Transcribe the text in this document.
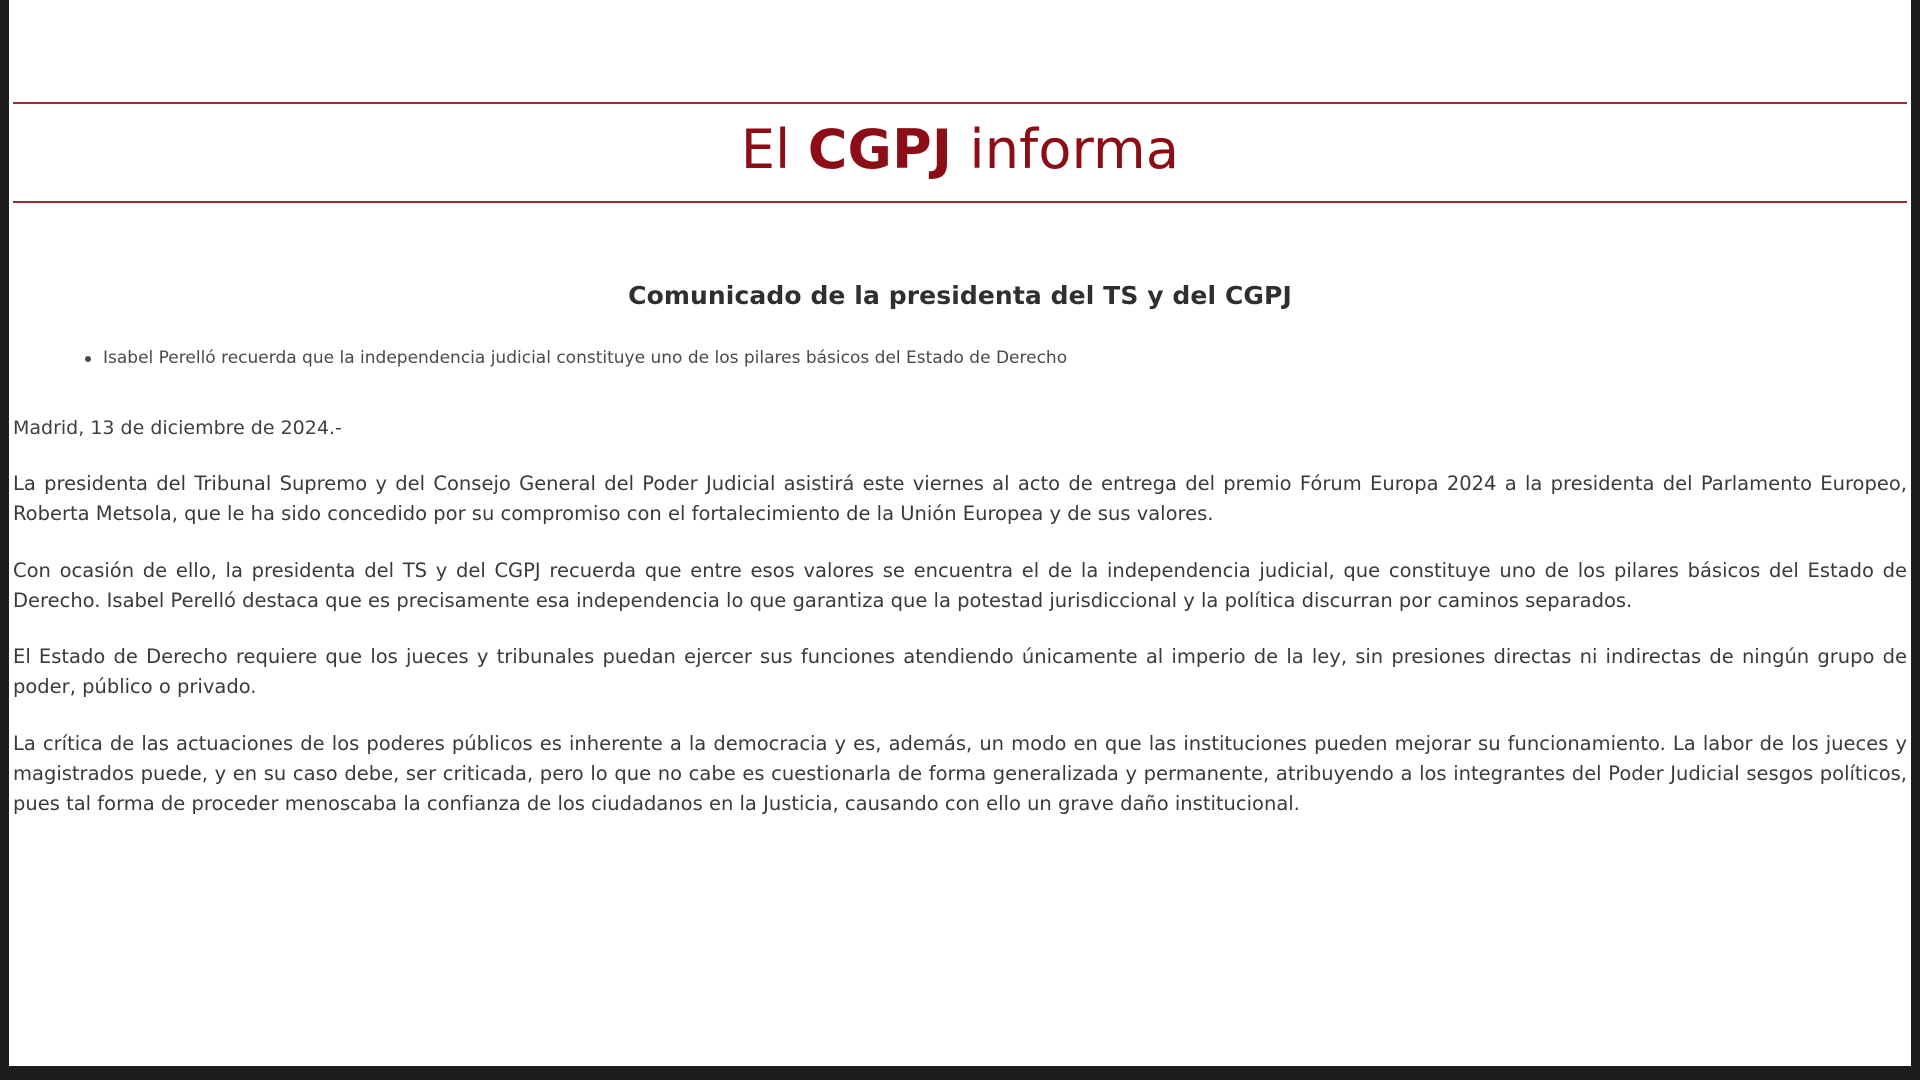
El CGPJ informa
Comunicado de la presidenta del TS y del CGPJ
Isabel Perelló recuerda que la independencia judicial constituye uno de los pilares básicos del Estado de Derecho
Madrid, 13 de diciembre de 2024.-

La presidenta del Tribunal Supremo y del Consejo General del Poder Judicial asistirá este viernes al acto de entrega del premio Fórum Europa 2024 a la presidenta del Parlamento Europeo, Roberta Metsola, que le ha sido concedido por su compromiso con el fortalecimiento de la Unión Europea y de sus valores.

Con ocasión de ello, la presidenta del TS y del CGPJ recuerda que entre esos valores se encuentra el de la independencia judicial, que constituye uno de los pilares básicos del Estado de Derecho. Isabel Perelló destaca que es precisamente esa independencia lo que garantiza que la potestad jurisdiccional y la política discurran por caminos separados.

El Estado de Derecho requiere que los jueces y tribunales puedan ejercer sus funciones atendiendo únicamente al imperio de la ley, sin presiones directas ni indirectas de ningún grupo de poder, público o privado.

La crítica de las actuaciones de los poderes públicos es inherente a la democracia y es, además, un modo en que las instituciones pueden mejorar su funcionamiento. La labor de los jueces y magistrados puede, y en su caso debe, ser criticada, pero lo que no cabe es cuestionarla de forma generalizada y permanente, atribuyendo a los integrantes del Poder Judicial sesgos políticos, pues tal forma de proceder menoscaba la confianza de los ciudadanos en la Justicia, causando con ello un grave daño institucional.
